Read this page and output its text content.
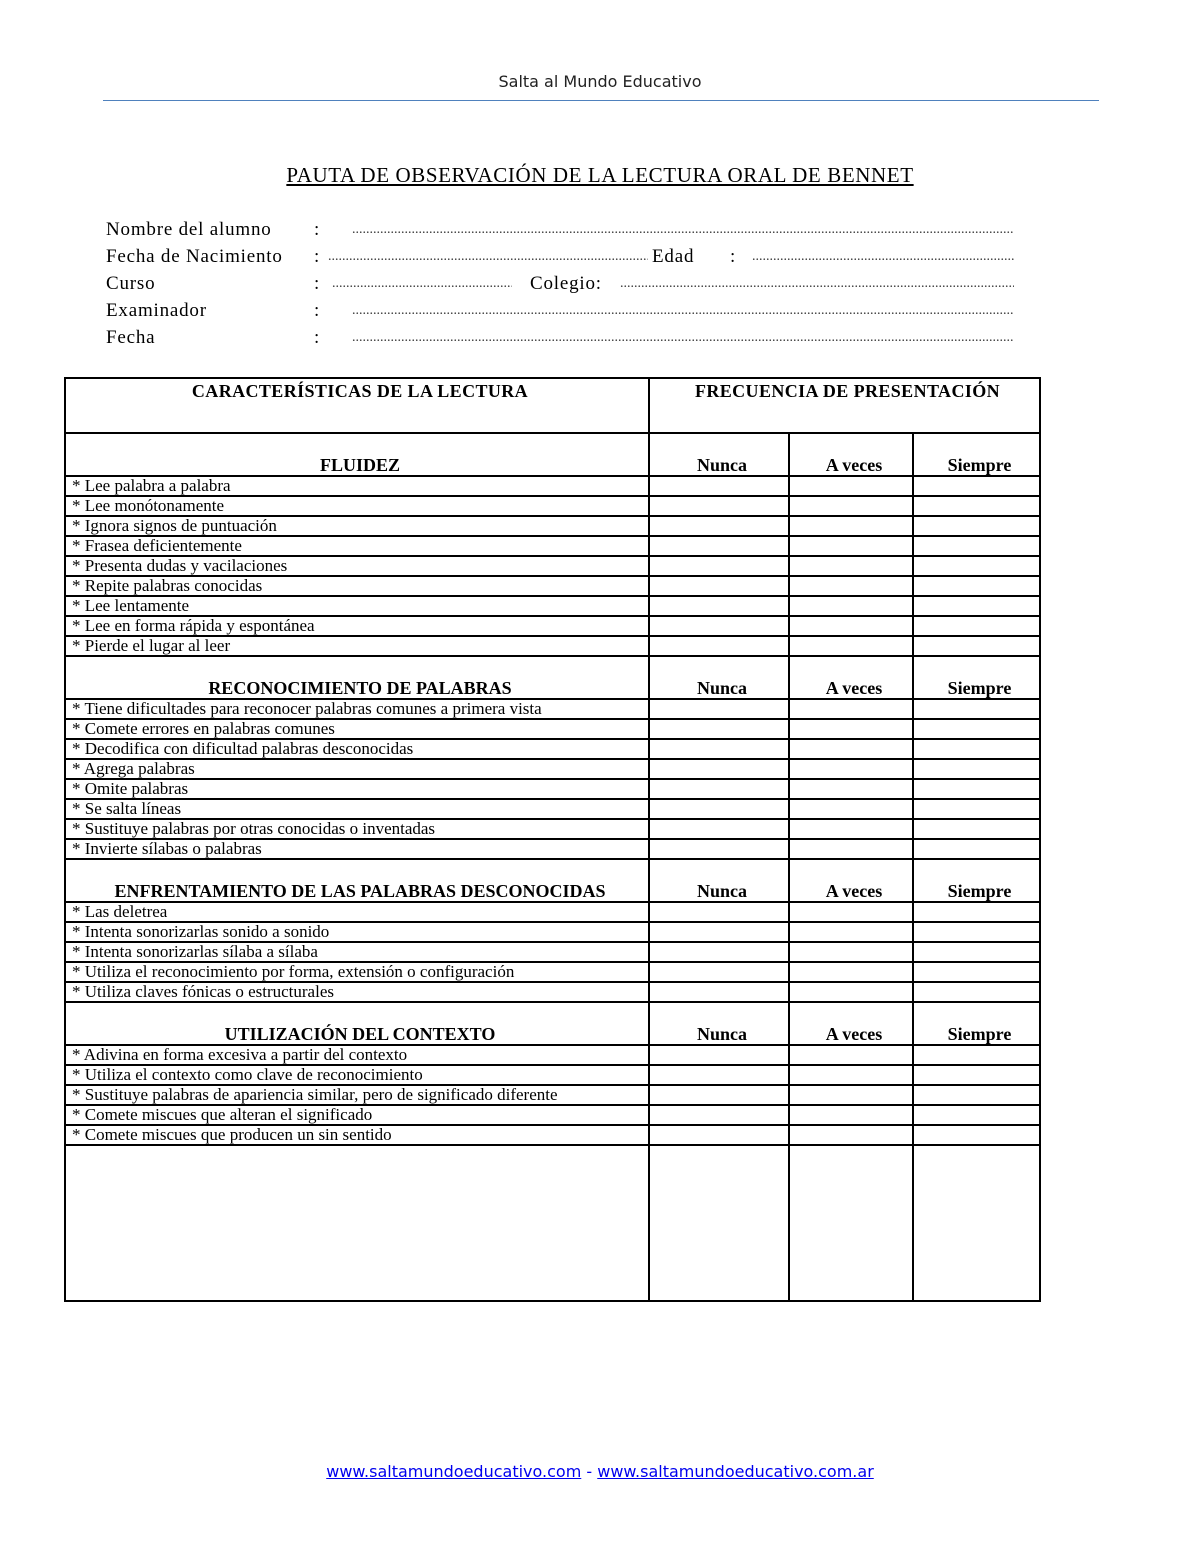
Salta al Mundo Educativo
PAUTA DE OBSERVACIÓN DE LA LECTURA ORAL DE BENNET
Nombre del alumno :
.....
Fecha de Nacimiento : .....	Edad :
.....
Curso	: .....	Colegio:
.....
Examinador	:
.....
Fecha	:
.....
CARACTERÍSTICAS DE LA LECTURA	FRECUENCIA DE PRESENTACIÓN		
FLUIDEZ	Nunca	A veces	Siempre
* Lee palabra a palabra			
* Lee monótonamente			
* Ignora signos de puntuación			
* Frasea deficientemente			
* Presenta dudas y vacilaciones			
* Repite palabras conocidas			
* Lee lentamente			
* Lee en forma rápida y espontánea			
* Pierde el lugar al leer			
RECONOCIMIENTO DE PALABRAS	Nunca	A veces	Siempre
* Tiene dificultades para reconocer palabras comunes a primera vista			
* Comete errores en palabras comunes			
* Decodifica con dificultad palabras desconocidas			
* Agrega palabras			
* Omite palabras			
* Se salta líneas			
* Sustituye palabras por otras conocidas o inventadas			
* Invierte sílabas o palabras			
ENFRENTAMIENTO DE LAS PALABRAS DESCONOCIDAS	Nunca	A veces	Siempre
* Las deletrea			
* Intenta sonorizarlas sonido a sonido			
* Intenta sonorizarlas sílaba a sílaba			
* Utiliza el reconocimiento por forma, extensión o configuración			
* Utiliza claves fónicas o estructurales			
UTILIZACIÓN DEL CONTEXTO	Nunca	A veces	Siempre
* Adivina en forma excesiva a partir del contexto			
* Utiliza el contexto como clave de reconocimiento			
* Sustituye palabras de apariencia similar, pero de significado diferente			
* Comete miscues que alteran el significado			
* Comete miscues que producen un sin sentido			

www.saltamundoeducativo.com - www.saltamundoeducativo.com.ar
